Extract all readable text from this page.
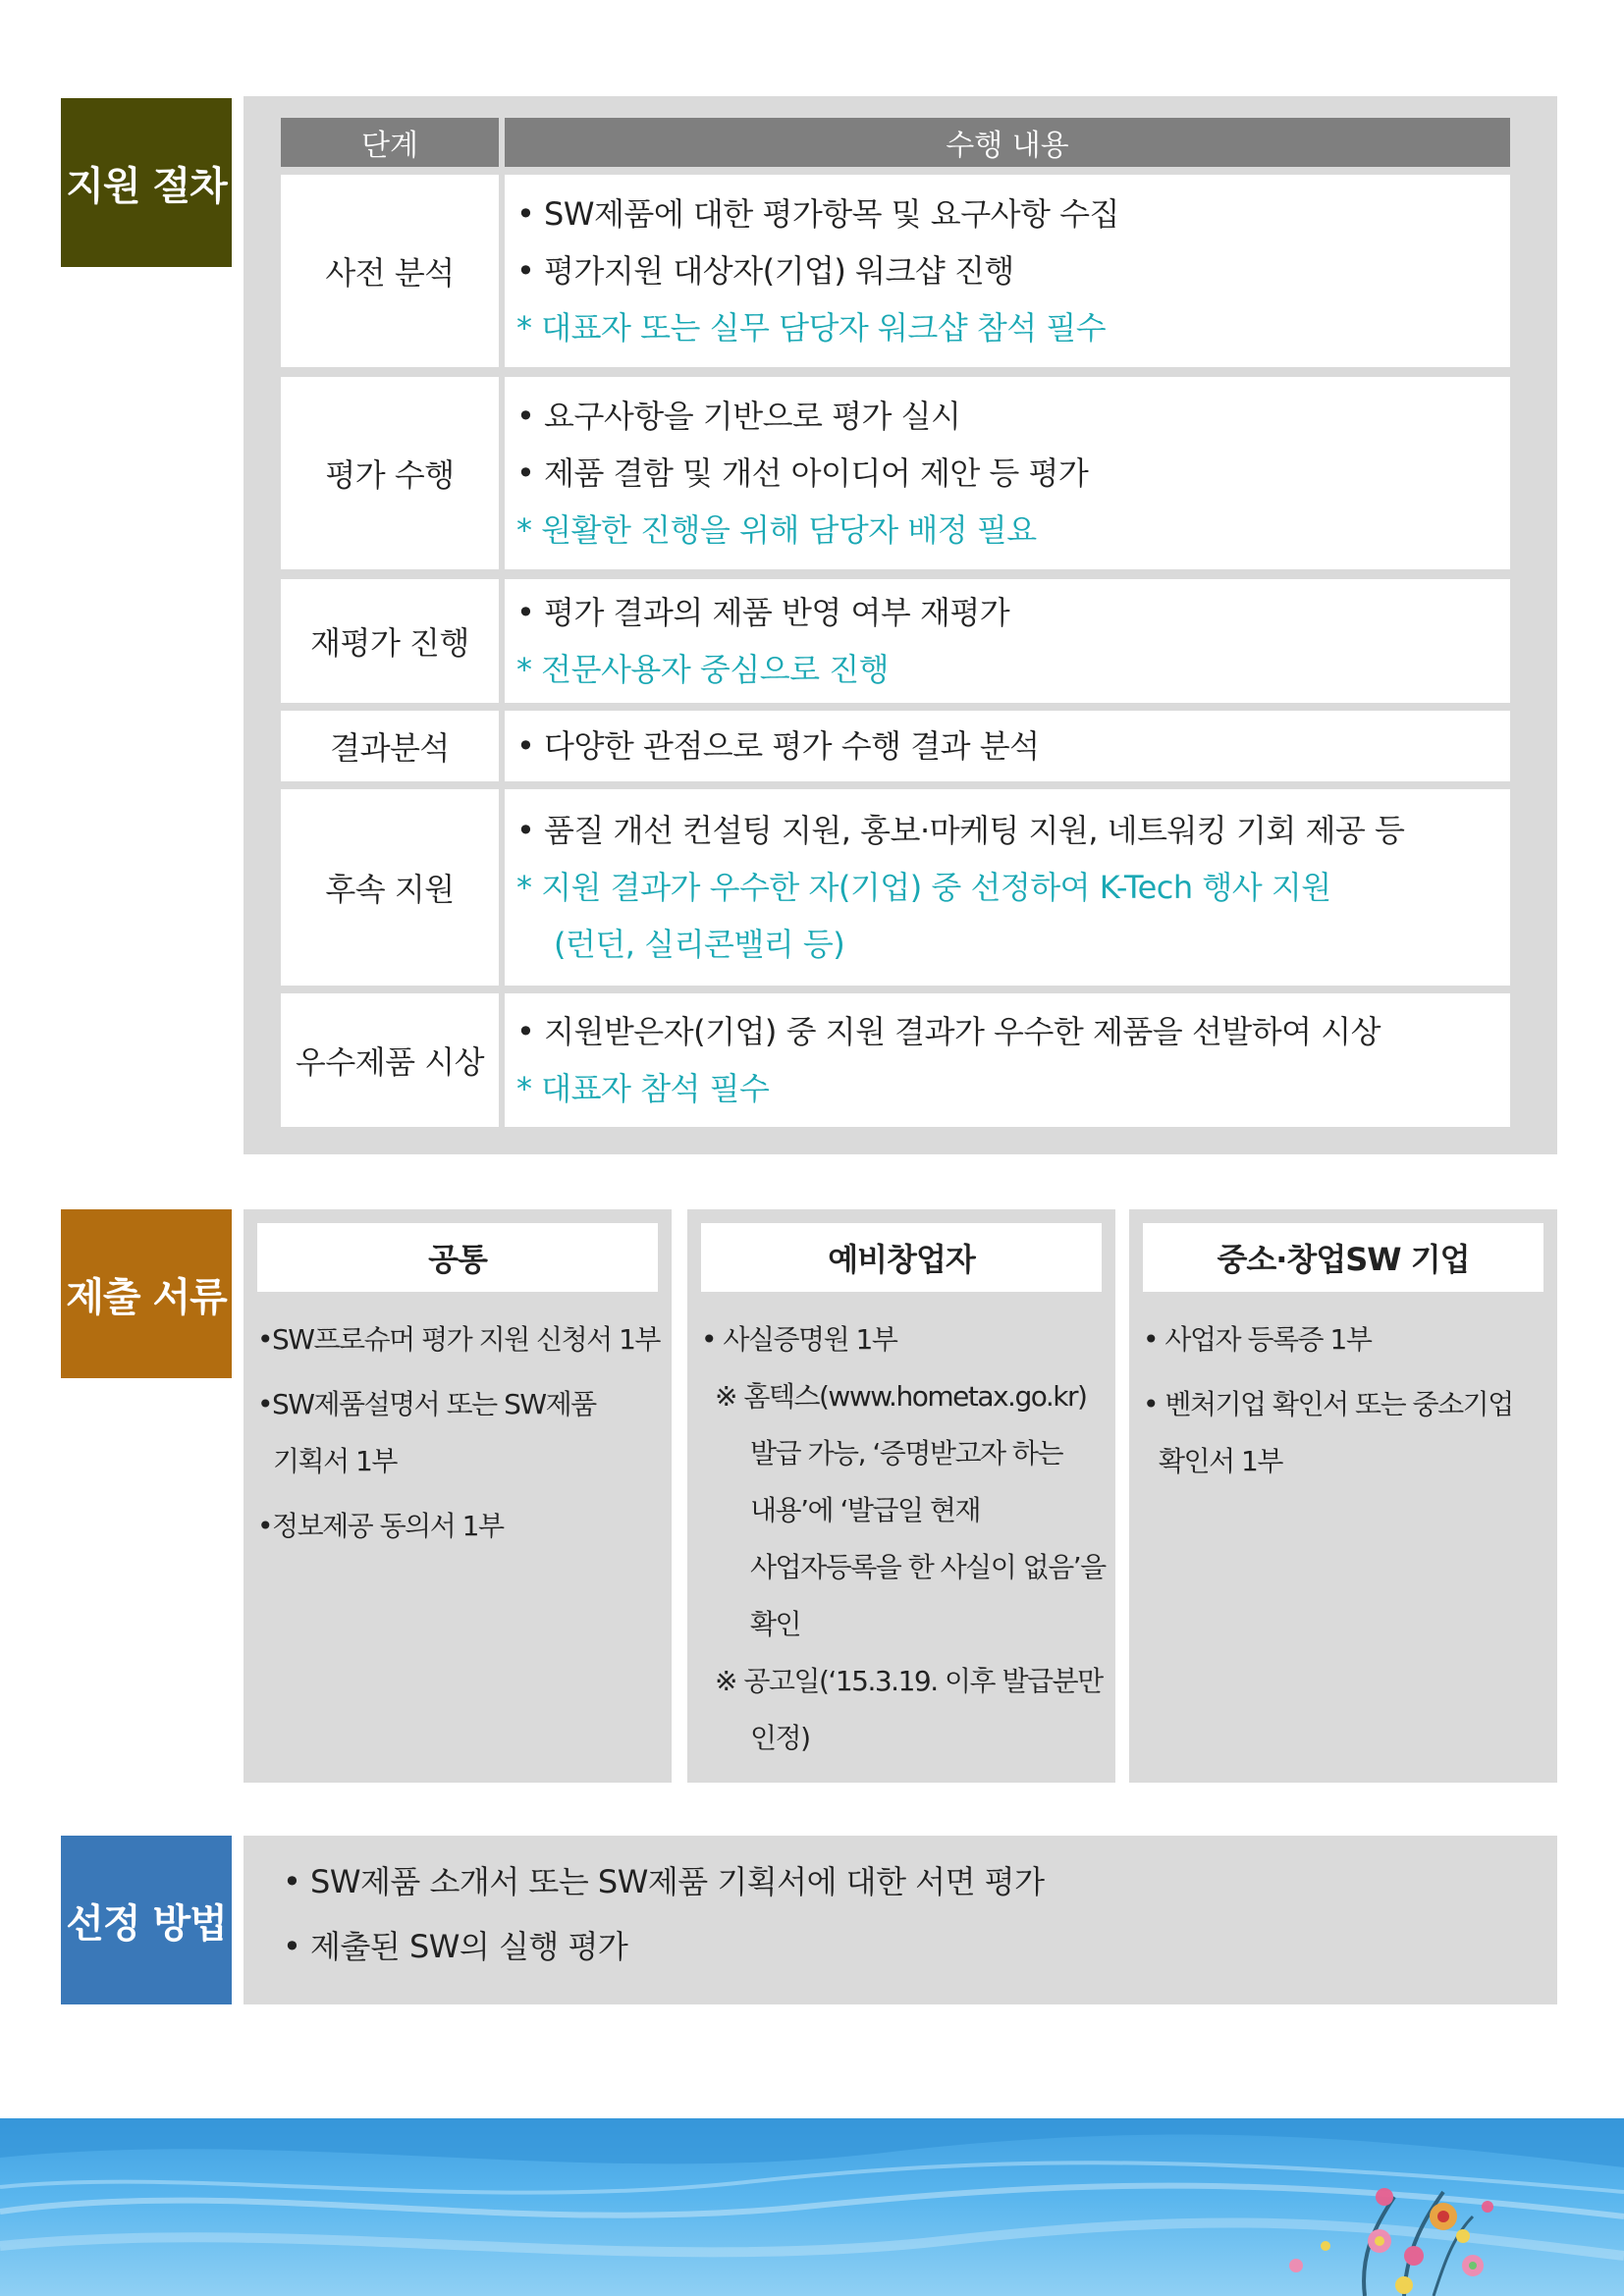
지원 절차
단계	수행 내용
사전 분석
• SW제품에 대한 평가항목 및 요구사항 수집
• 평가지원 대상자(기업) 워크샵 진행
* 대표자 또는 실무 담당자 워크샵 참석 필수
평가 수행
• 요구사항을 기반으로 평가 실시
• 제품 결함 및 개선 아이디어 제안 등 평가
* 원활한 진행을 위해 담당자 배정 필요
재평가 진행
• 평가 결과의 제품 반영 여부 재평가
* 전문사용자 중심으로 진행
결과분석	• 다양한 관점으로 평가 수행 결과 분석
후속 지원
• 품질 개선 컨설팅 지원, 홍보·마케팅 지원, 네트워킹 기회 제공 등
* 지원 결과가 우수한 자(기업) 중 선정하여 K-Tech 행사 지원
(런던, 실리콘밸리 등)
우수제품 시상
• 지원받은자(기업) 중 지원 결과가 우수한 제품을 선발하여 시상
* 대표자 참석 필수
제출 서류
공통
•SW프로슈머 평가 지원 신청서 1부
•SW제품설명서 또는 SW제품
기획서 1부
•정보제공 동의서 1부
예비창업자
• 사실증명원 1부
※ 홈텍스(www.hometax.go.kr)
발급 가능, ‘증명받고자 하는
내용’에 ‘발급일 현재
사업자등록을 한 사실이 없음’을
확인
※ 공고일(‘15.3.19. 이후 발급분만
인정)
중소·창업SW 기업
• 사업자 등록증 1부
• 벤처기업 확인서 또는 중소기업
확인서 1부
선정 방법
• SW제품 소개서 또는 SW제품 기획서에 대한 서면 평가
• 제출된 SW의 실행 평가
